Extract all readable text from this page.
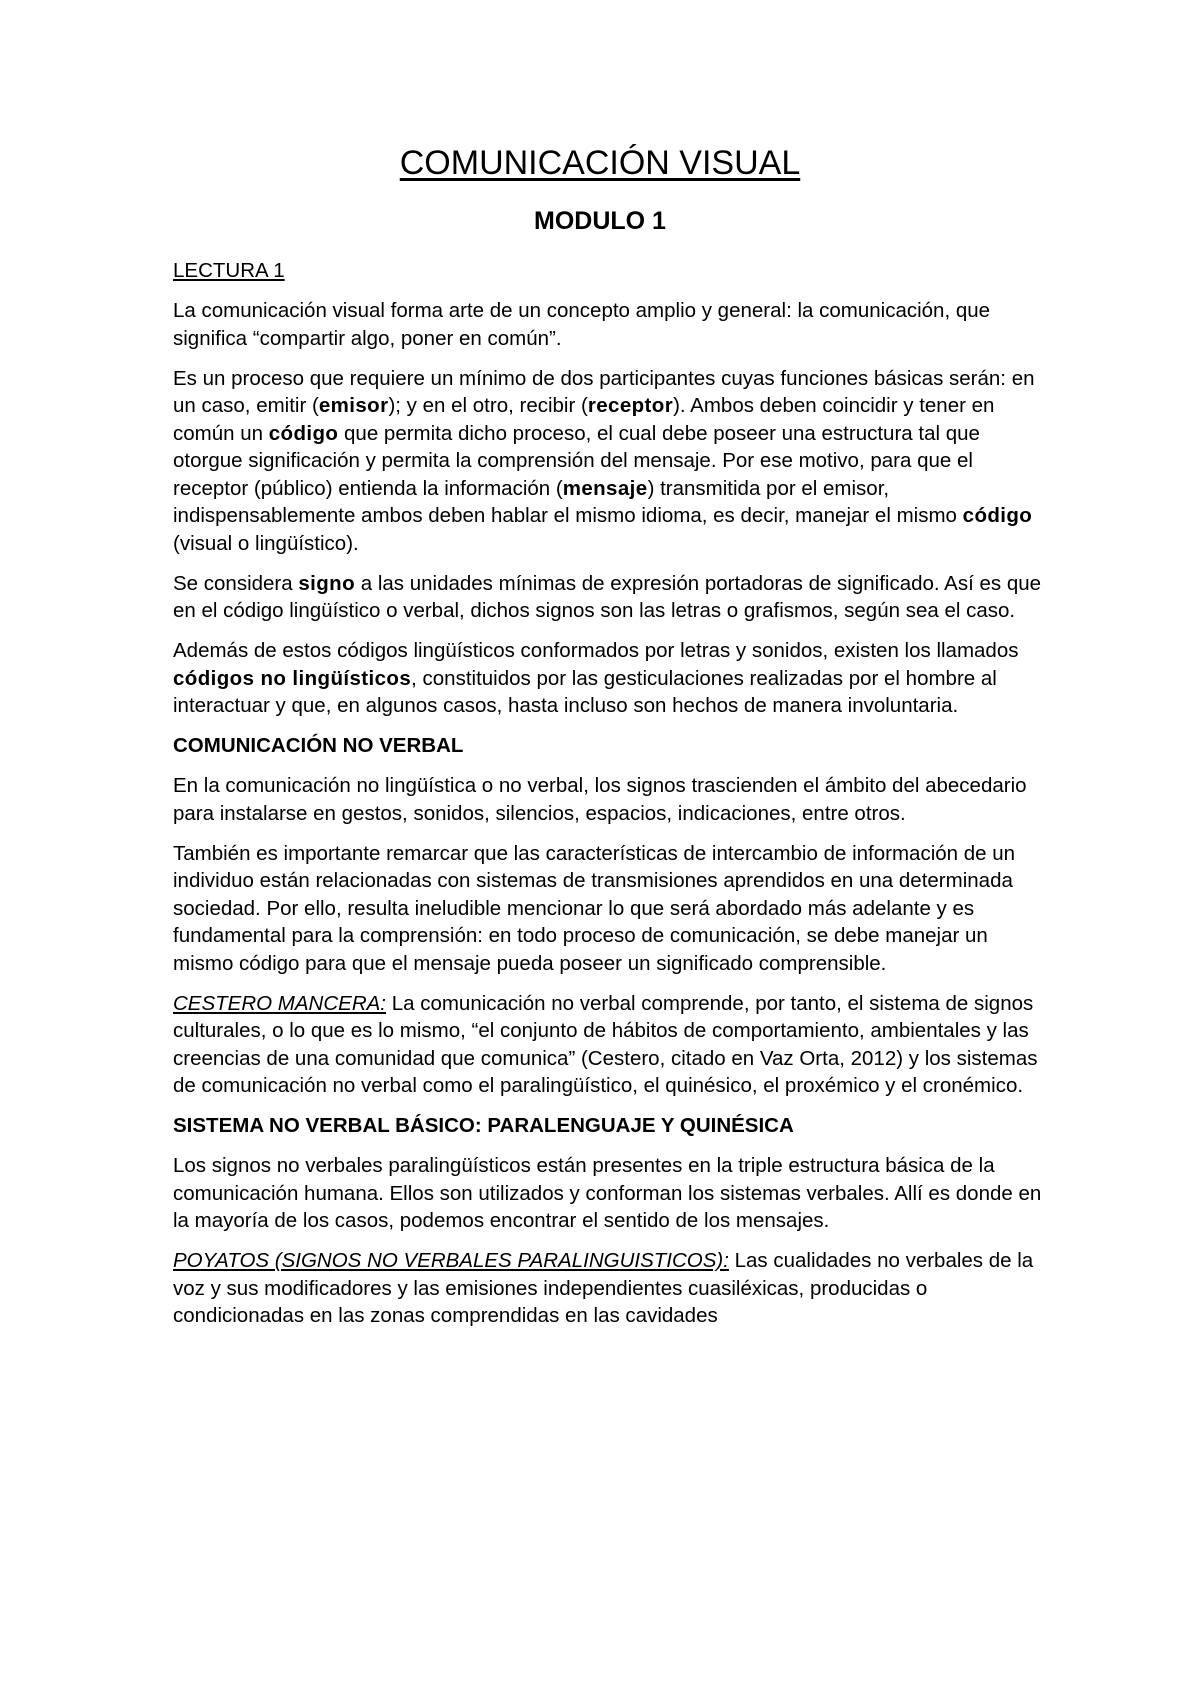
COMUNICACIÓN VISUAL
MODULO 1

LECTURA 1

La comunicación visual forma arte de un concepto amplio y general: la comunicación, que significa “compartir algo, poner en común”.

Es un proceso que requiere un mínimo de dos participantes cuyas funciones básicas serán: en un caso, emitir (emisor); y en el otro, recibir (receptor). Ambos deben coincidir y tener en común un código que permita dicho proceso, el cual debe poseer una estructura tal que otorgue significación y permita la comprensión del mensaje. Por ese motivo, para que el receptor (público) entienda la información (mensaje) transmitida por el emisor, indispensablemente ambos deben hablar el mismo idioma, es decir, manejar el mismo código (visual o lingüístico).

Se considera signo a las unidades mínimas de expresión portadoras de significado. Así es que en el código lingüístico o verbal, dichos signos son las letras o grafismos, según sea el caso.

Además de estos códigos lingüísticos conformados por letras y sonidos, existen los llamados códigos no lingüísticos, constituidos por las gesticulaciones realizadas por el hombre al interactuar y que, en algunos casos, hasta incluso son hechos de manera involuntaria.

COMUNICACIÓN NO VERBAL

En la comunicación no lingüística o no verbal, los signos trascienden el ámbito del abecedario para instalarse en gestos, sonidos, silencios, espacios, indicaciones, entre otros.

También es importante remarcar que las características de intercambio de información de un individuo están relacionadas con sistemas de transmisiones aprendidos en una determinada sociedad. Por ello, resulta ineludible mencionar lo que será abordado más adelante y es fundamental para la comprensión: en todo proceso de comunicación, se debe manejar un mismo código para que el mensaje pueda poseer un significado comprensible.

CESTERO MANCERA: La comunicación no verbal comprende, por tanto, el sistema de signos culturales, o lo que es lo mismo, “el conjunto de hábitos de comportamiento, ambientales y las creencias de una comunidad que comunica” (Cestero, citado en Vaz Orta, 2012) y los sistemas de comunicación no verbal como el paralingüístico, el quinésico, el proxémico y el cronémico.

SISTEMA NO VERBAL BÁSICO: PARALENGUAJE Y QUINÉSICA

Los signos no verbales paralingüísticos están presentes en la triple estructura básica de la comunicación humana. Ellos son utilizados y conforman los sistemas verbales. Allí es donde en la mayoría de los casos, podemos encontrar el sentido de los mensajes.

POYATOS (SIGNOS NO VERBALES PARALINGUISTICOS): Las cualidades no verbales de la voz y sus modificadores y las emisiones independientes cuasiléxicas, producidas o condicionadas en las zonas comprendidas en las cavidades
